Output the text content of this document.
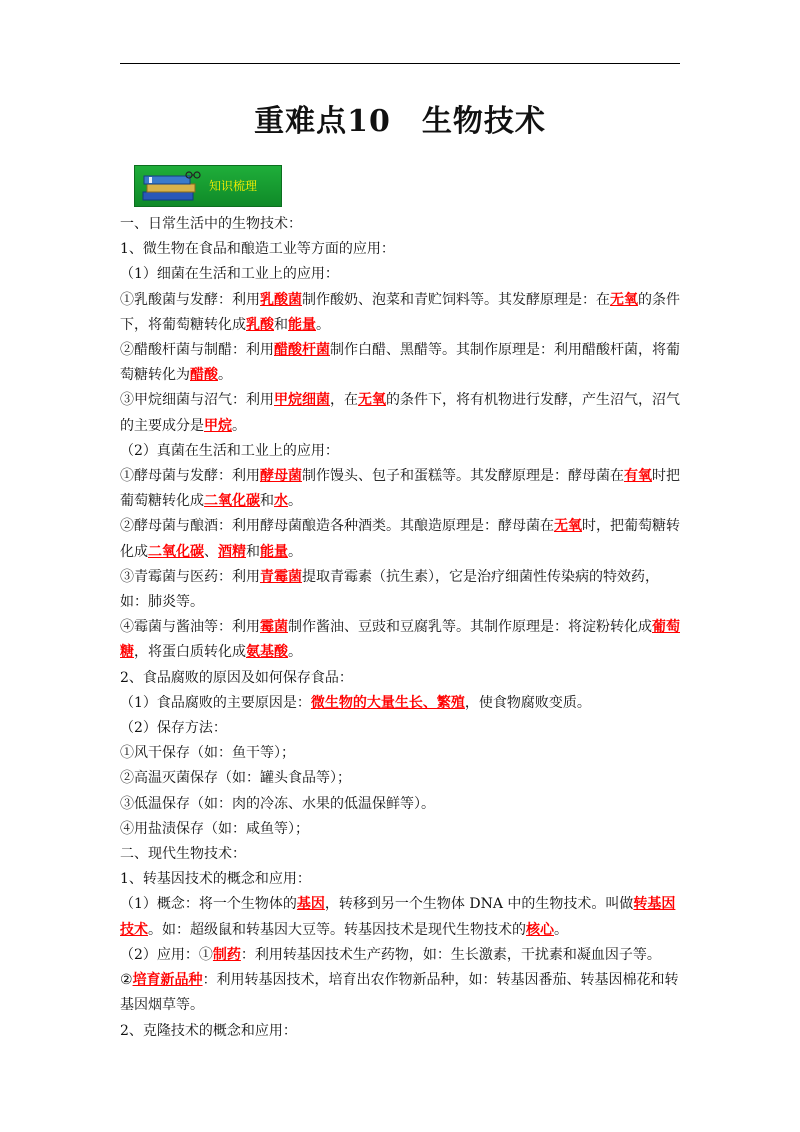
重难点10　生物技术
知识梳理

一、日常生活中的生物技术：

1、微生物在食品和酿造工业等方面的应用：

（1）细菌在生活和工业上的应用：

①乳酸菌与发酵：利用乳酸菌制作酸奶、泡菜和青贮饲料等。其发酵原理是：在无氧的条件下，将葡萄糖转化成乳酸和能量。

②醋酸杆菌与制醋：利用醋酸杆菌制作白醋、黑醋等。其制作原理是：利用醋酸杆菌，将葡萄糖转化为醋酸。

③甲烷细菌与沼气：利用甲烷细菌，在无氧的条件下，将有机物进行发酵，产生沼气，沼气的主要成分是甲烷。

（2）真菌在生活和工业上的应用：

①酵母菌与发酵：利用酵母菌制作馒头、包子和蛋糕等。其发酵原理是：酵母菌在有氧时把葡萄糖转化成二氧化碳和水。

②酵母菌与酿酒：利用酵母菌酿造各种酒类。其酿造原理是：酵母菌在无氧时，把葡萄糖转化成二氧化碳、酒精和能量。

③青霉菌与医药：利用青霉菌提取青霉素（抗生素），它是治疗细菌性传染病的特效药，如：肺炎等。

④霉菌与酱油等：利用霉菌制作酱油、豆豉和豆腐乳等。其制作原理是：将淀粉转化成葡萄糖，将蛋白质转化成氨基酸。

2、食品腐败的原因及如何保存食品：

（1）食品腐败的主要原因是：微生物的大量生长、繁殖，使食物腐败变质。

（2）保存方法：

①风干保存（如：鱼干等）；

②高温灭菌保存（如：罐头食品等）；

③低温保存（如：肉的冷冻、水果的低温保鲜等）。

④用盐渍保存（如：咸鱼等）；

二、现代生物技术：

1、转基因技术的概念和应用：

（1）概念：将一个生物体的基因，转移到另一个生物体 DNA 中的生物技术。叫做转基因技术。如：超级鼠和转基因大豆等。转基因技术是现代生物技术的核心。

（2）应用：①制药：利用转基因技术生产药物，如：生长激素，干扰素和凝血因子等。

②培育新品种：利用转基因技术，培育出农作物新品种，如：转基因番茄、转基因棉花和转基因烟草等。

2、克隆技术的概念和应用：
